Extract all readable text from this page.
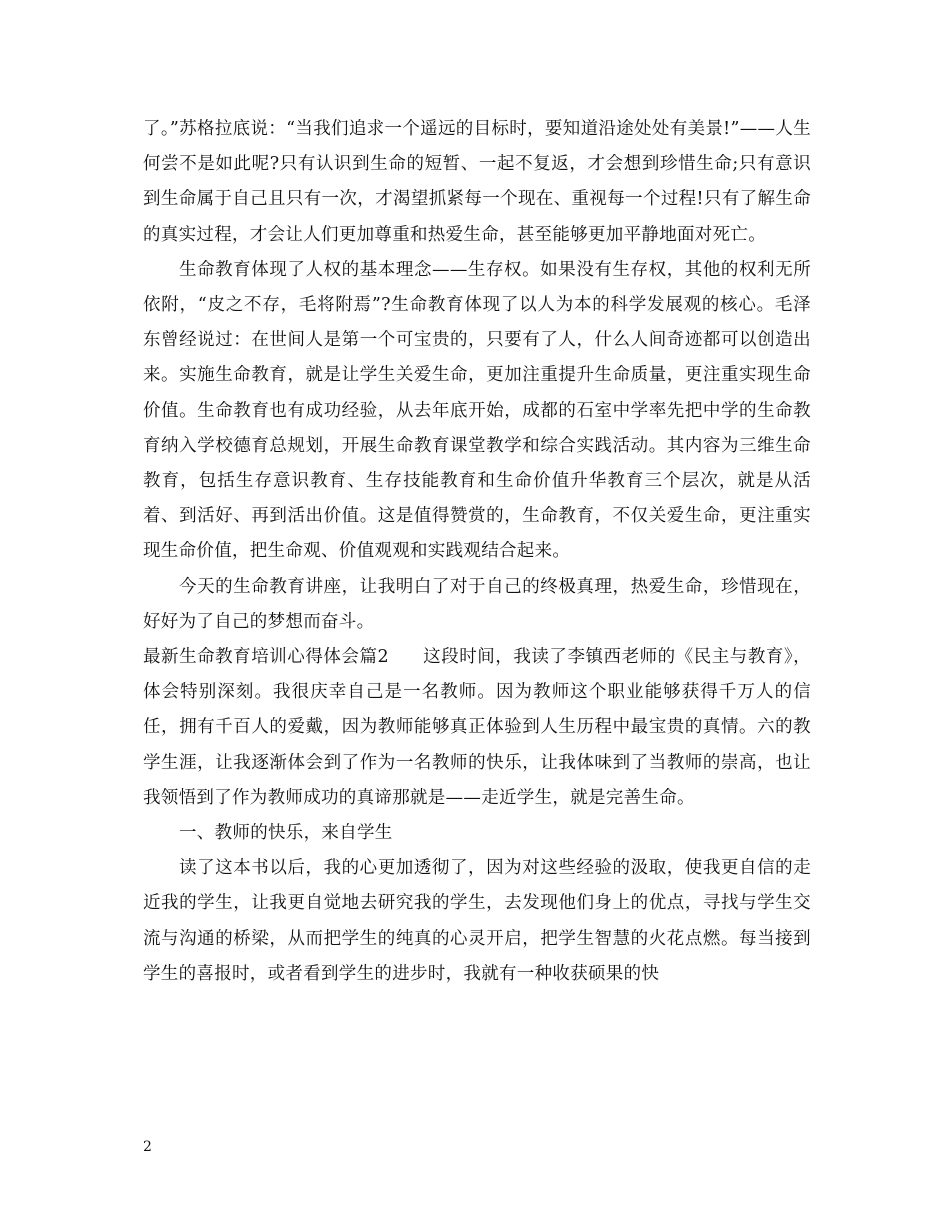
了。”苏格拉底说：“当我们追求一个遥远的目标时，要知道沿途处处有美景!”——人生何尝不是如此呢?只有认识到生命的短暂、一起不复返，才会想到珍惜生命;只有意识到生命属于自己且只有一次，才渴望抓紧每一个现在、重视每一个过程!只有了解生命的真实过程，才会让人们更加尊重和热爱生命，甚至能够更加平静地面对死亡。

生命教育体现了人权的基本理念——生存权。如果没有生存权，其他的权利无所依附，“皮之不存，毛将附焉”?生命教育体现了以人为本的科学发展观的核心。毛泽东曾经说过：在世间人是第一个可宝贵的，只要有了人，什么人间奇迹都可以创造出来。实施生命教育，就是让学生关爱生命，更加注重提升生命质量，更注重实现生命价值。生命教育也有成功经验，从去年底开始，成都的石室中学率先把中学的生命教育纳入学校德育总规划，开展生命教育课堂教学和综合实践活动。其内容为三维生命教育，包括生存意识教育、生存技能教育和生命价值升华教育三个层次，就是从活着、到活好、再到活出价值。这是值得赞赏的，生命教育，不仅关爱生命，更注重实现生命价值，把生命观、价值观观和实践观结合起来。

今天的生命教育讲座，让我明白了对于自己的终极真理，热爱生命，珍惜现在，好好为了自己的梦想而奋斗。

最新生命教育培训心得体会篇2 这段时间，我读了李镇西老师的《民主与教育》，体会特别深刻。我很庆幸自己是一名教师。因为教师这个职业能够获得千万人的信任，拥有千百人的爱戴，因为教师能够真正体验到人生历程中最宝贵的真情。六的教学生涯，让我逐渐体会到了作为一名教师的快乐，让我体味到了当教师的崇高，也让我领悟到了作为教师成功的真谛那就是——走近学生，就是完善生命。

一、教师的快乐，来自学生

读了这本书以后，我的心更加透彻了，因为对这些经验的汲取，使我更自信的走近我的学生，让我更自觉地去研究我的学生，去发现他们身上的优点，寻找与学生交流与沟通的桥梁，从而把学生的纯真的心灵开启，把学生智慧的火花点燃。每当接到学生的喜报时，或者看到学生的进步时，我就有一种收获硕果的快

2
